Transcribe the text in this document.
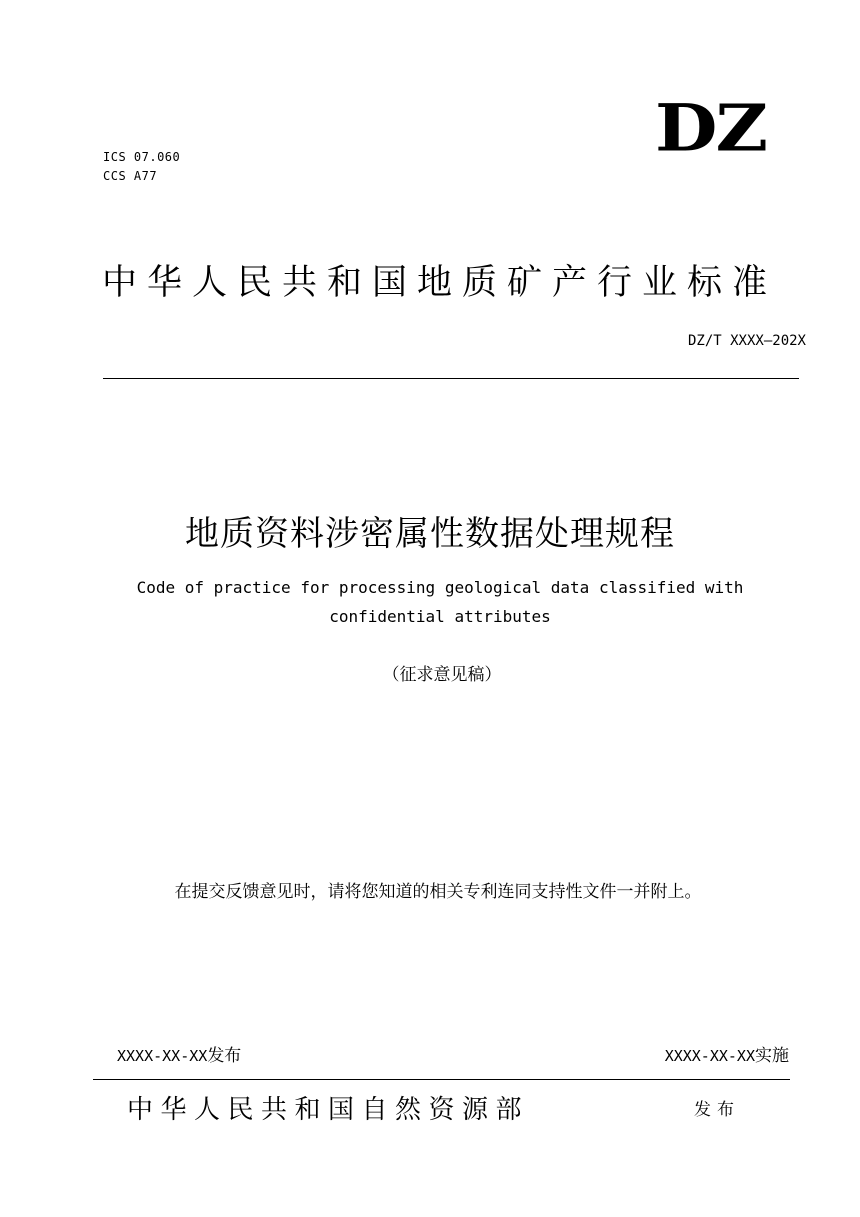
ICS 07.060
CCS A77
DZ
中华人民共和国地质矿产行业标准
DZ/T XXXX—202X
地质资料涉密属性数据处理规程
Code of practice for processing geological data classified with
confidential attributes
（征求意见稿）
在提交反馈意见时，请将您知道的相关专利连同支持性文件一并附上。
XXXX-XX-XX发布	XXXX-XX-XX实施
中华人民共和国自然资源部	发布
